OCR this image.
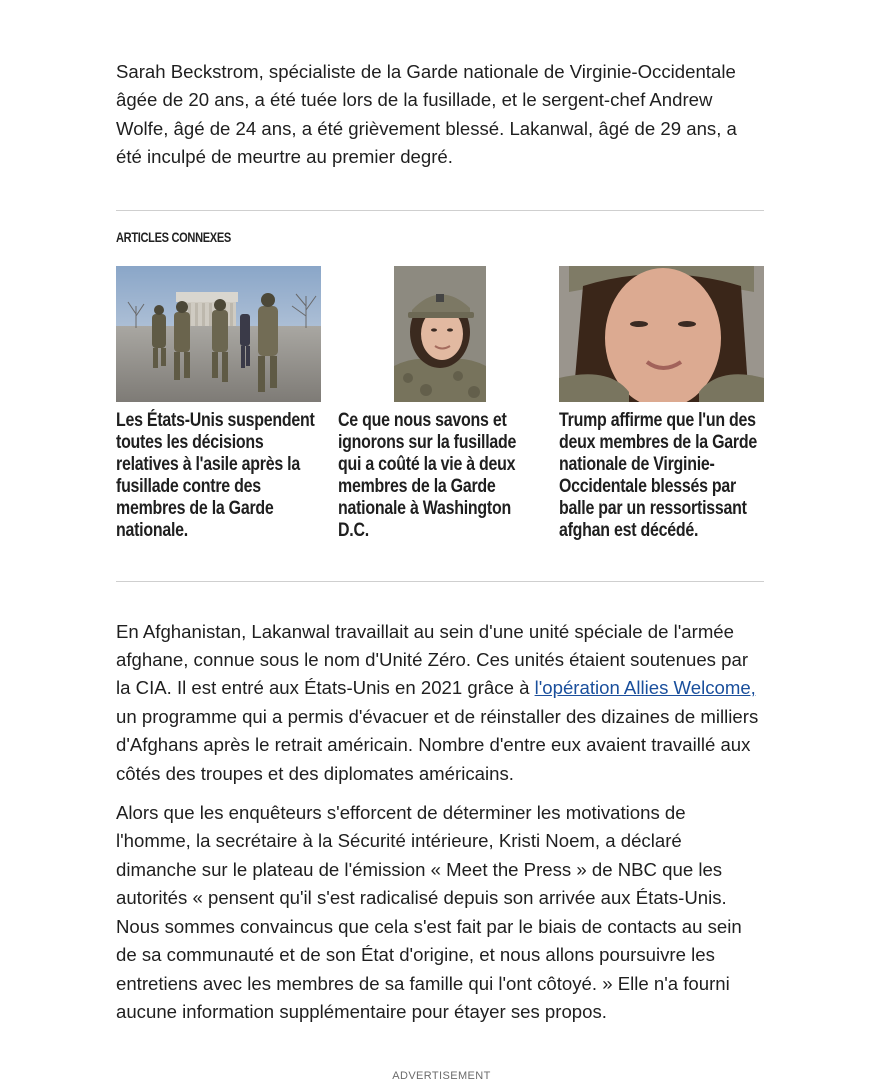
Sarah Beckstrom, spécialiste de la Garde nationale de Virginie-Occidentale âgée de 20 ans, a été tuée lors de la fusillade, et le sergent-chef Andrew Wolfe, âgé de 24 ans, a été grièvement blessé. Lakanwal, âgé de 29 ans, a été inculpé de meurtre au premier degré.

ARTICLES CONNEXES
Les États-Unis suspendent toutes les décisions relatives à l'asile après la fusillade contre des membres de la Garde nationale.
Ce que nous savons et ignorons sur la fusillade qui a coûté la vie à deux membres de la Garde nationale à Washington D.C.
Trump affirme que l'un des deux membres de la Garde nationale de Virginie-Occidentale blessés par balle par un ressortissant afghan est décédé.

En Afghanistan, Lakanwal travaillait au sein d'une unité spéciale de l'armée afghane, connue sous le nom d'Unité Zéro. Ces unités étaient soutenues par la CIA. Il est entré aux États-Unis en 2021 grâce à l'opération Allies Welcome, un programme qui a permis d'évacuer et de réinstaller des dizaines de milliers d'Afghans après le retrait américain. Nombre d'entre eux avaient travaillé aux côtés des troupes et des diplomates américains.

Alors que les enquêteurs s'efforcent de déterminer les motivations de l'homme, la secrétaire à la Sécurité intérieure, Kristi Noem, a déclaré dimanche sur le plateau de l'émission « Meet the Press » de NBC que les autorités « pensent qu'il s'est radicalisé depuis son arrivée aux États-Unis. Nous sommes convaincus que cela s'est fait par le biais de contacts au sein de sa communauté et de son État d'origine, et nous allons poursuivre les entretiens avec les membres de sa famille qui l'ont côtoyé. » Elle n'a fourni aucune information supplémentaire pour étayer ses propos.

ADVERTISEMENT
